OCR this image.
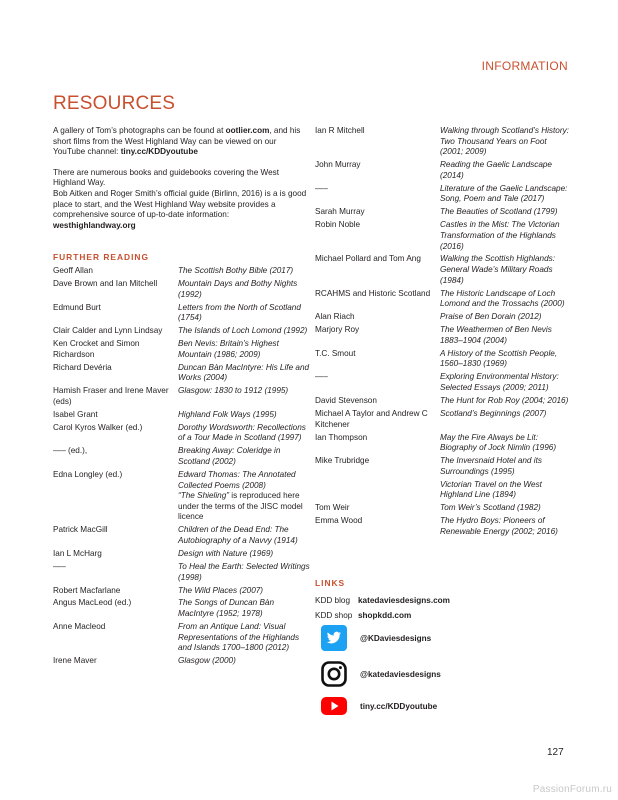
INFORMATION
RESOURCES

A gallery of Tom’s photographs can be found at ootlier.com, and his short films from the West Highland Way can be viewed on our YouTube channel: tiny.cc/KDDyoutube

There are numerous books and guidebooks covering the West Highland Way.
Bob Aitken and Roger Smith’s official guide (Birlinn, 2016) is a is good place to start, and the West Highland Way website provides a comprehensive source of up-to-date information:
westhighlandway.org

FURTHER READING
Geoff Allan	The Scottish Bothy Bible (2017)
Dave Brown and Ian Mitchell	Mountain Days and Bothy Nights (1992)
Edmund Burt	Letters from the North of Scotland (1754)
Clair Calder and Lynn Lindsay	The Islands of Loch Lomond (1992)
Ken Crocket and Simon Richardson	Ben Nevis: Britain’s Highest Mountain (1986; 2009)
Richard Devéria	Duncan Bàn MacIntyre: His Life and Works (2004)
Hamish Fraser and Irene Maver (eds)	Glasgow: 1830 to 1912 (1995)
Isabel Grant	Highland Folk Ways (1995)
Carol Kyros Walker (ed.)	Dorothy Wordsworth: Recollections of a Tour Made in Scotland (1997)
—– (ed.),	Breaking Away: Coleridge in Scotland (2002)
Edna Longley (ed.)	Edward Thomas: The Annotated Collected Poems (2008)
“The Shieling” is reproduced here under the terms of the JISC model licence
Patrick MacGill	Children of the Dead End: The Autobiography of a Navvy (1914)
Ian L McHarg	Design with Nature (1969)
—–	To Heal the Earth: Selected Writings (1998)
Robert Macfarlane	The Wild Places (2007)
Angus MacLeod (ed.)	The Songs of Duncan Bàn MacIntyre (1952; 1978)
Anne Macleod	From an Antique Land: Visual Representations of the Highlands and Islands 1700–1800 (2012)
Irene Maver	Glasgow (2000)
Ian R Mitchell	Walking through Scotland’s History: Two Thousand Years on Foot (2001; 2009)
John Murray	Reading the Gaelic Landscape (2014)
—–	Literature of the Gaelic Landscape: Song, Poem and Tale (2017)
Sarah Murray	The Beauties of Scotland (1799)
Robin Noble	Castles in the Mist: The Victorian Transformation of the Highlands (2016)
Michael Pollard and Tom Ang	Walking the Scottish Highlands: General Wade’s Military Roads (1984)
RCAHMS and Historic Scotland	The Historic Landscape of Loch Lomond and the Trossachs (2000)
Alan Riach	Praise of Ben Dorain (2012)
Marjory Roy	The Weathermen of Ben Nevis 1883–1904 (2004)
T.C. Smout	A History of the Scottish People, 1560–1830 (1969)
—–	Exploring Environmental History: Selected Essays (2009; 2011)
David Stevenson	The Hunt for Rob Roy (2004; 2016)
Michael A Taylor and Andrew C Kitchener	Scotland’s Beginnings (2007)
Ian Thompson	May the Fire Always be Lit: Biography of Jock Nimlin (1996)
Mike Trubridge	The Inversnaid Hotel and its Surroundings (1995)
	Victorian Travel on the West Highland Line (1894)
Tom Weir	Tom Weir’s Scotland (1982)
Emma Wood	The Hydro Boys: Pioneers of Renewable Energy (2002; 2016)
LINKS
KDD blog katedaviesdesigns.com
KDD shop shopkdd.com
@KDaviesdesigns
@katedaviesdesigns
tiny.cc/KDDyoutube
127
PassionForum.ru
